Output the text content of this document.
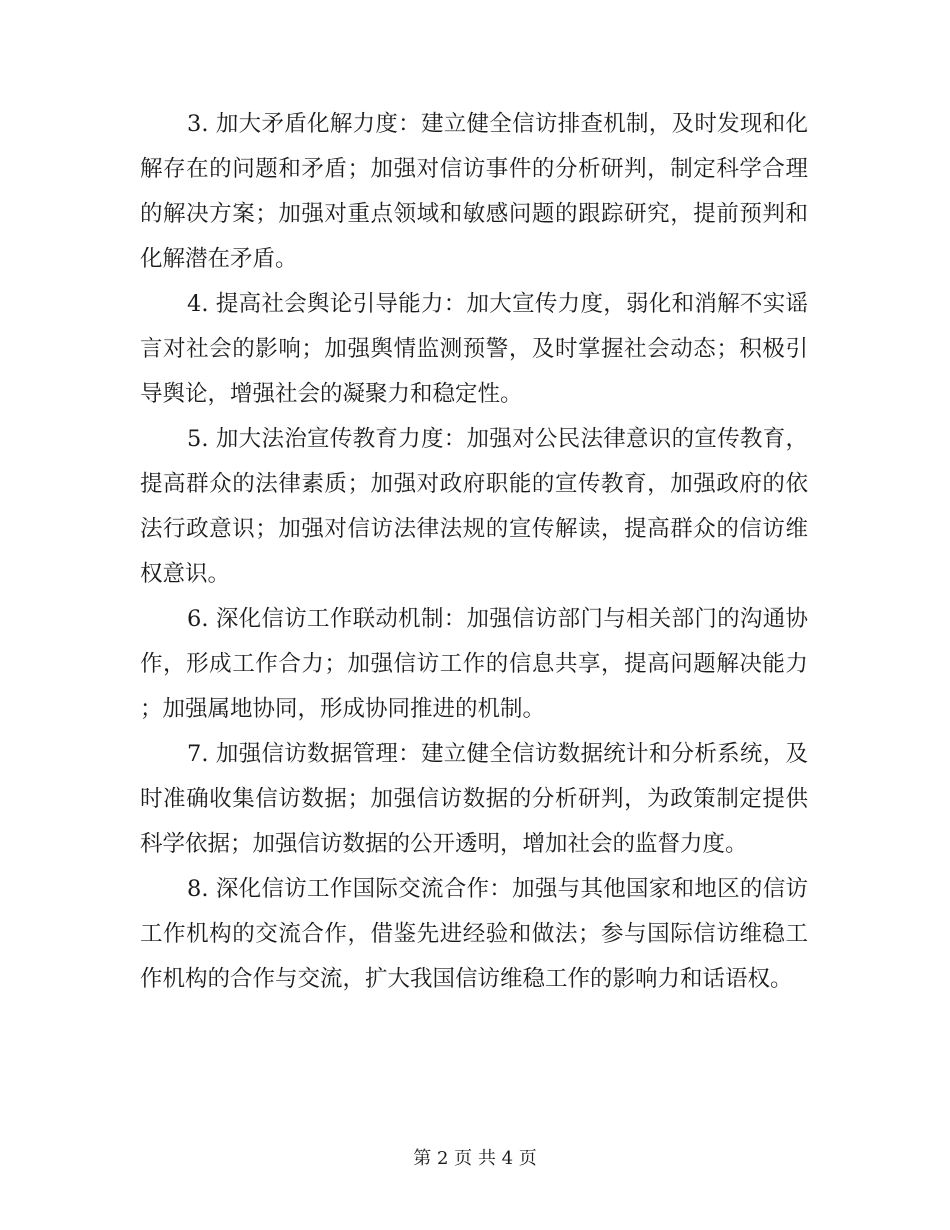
3. 加大矛盾化解力度：建立健全信访排查机制，及时发现和化解存在的问题和矛盾；加强对信访事件的分析研判，制定科学合理的解决方案；加强对重点领域和敏感问题的跟踪研究，提前预判和化解潜在矛盾。

4. 提高社会舆论引导能力：加大宣传力度，弱化和消解不实谣言对社会的影响；加强舆情监测预警，及时掌握社会动态；积极引导舆论，增强社会的凝聚力和稳定性。

5. 加大法治宣传教育力度：加强对公民法律意识的宣传教育，提高群众的法律素质；加强对政府职能的宣传教育，加强政府的依法行政意识；加强对信访法律法规的宣传解读，提高群众的信访维权意识。

6. 深化信访工作联动机制：加强信访部门与相关部门的沟通协作，形成工作合力；加强信访工作的信息共享，提高问题解决能力；加强属地协同，形成协同推进的机制。

7. 加强信访数据管理：建立健全信访数据统计和分析系统，及时准确收集信访数据；加强信访数据的分析研判，为政策制定提供科学依据；加强信访数据的公开透明，增加社会的监督力度。

8. 深化信访工作国际交流合作：加强与其他国家和地区的信访工作机构的交流合作，借鉴先进经验和做法；参与国际信访维稳工作机构的合作与交流，扩大我国信访维稳工作的影响力和话语权。

第 2 页 共 4 页
